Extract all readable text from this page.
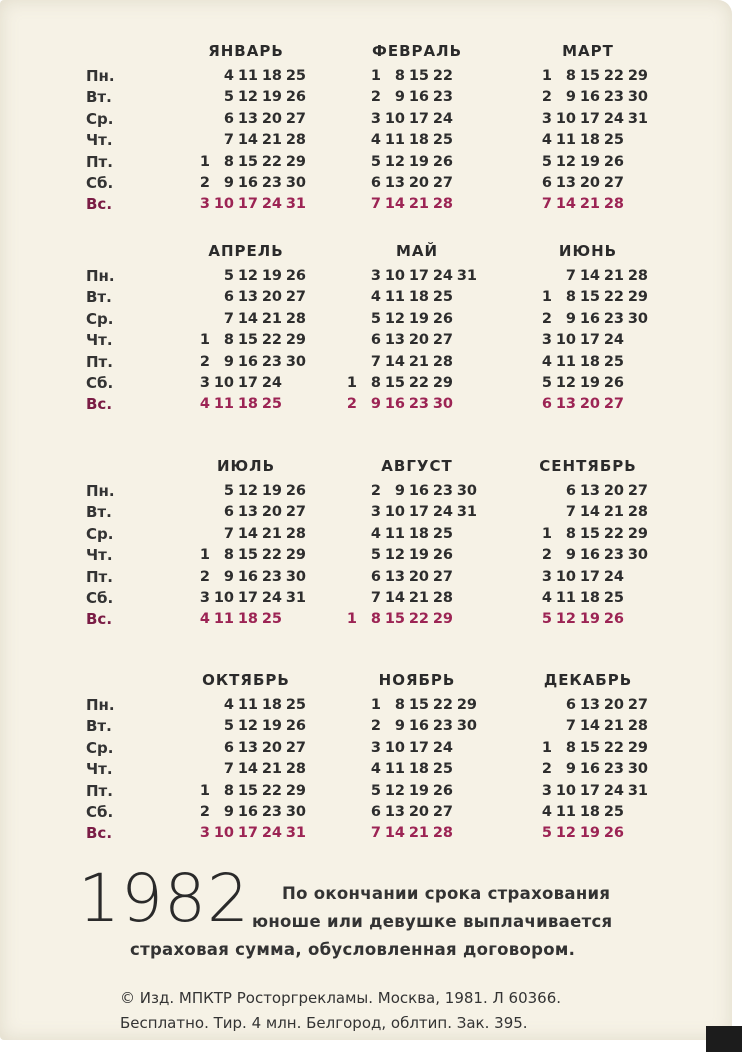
Пн.
Вт.
Ср.
Чт.
Пт.
Сб.
Вс.
ЯНВАРЬ
4 11 18 25
5 12 19 26
6 13 20 27
7 14 21 28
1 8 15 22 29
2 9 16 23 30
3 10 17 24 31
ФЕВРАЛЬ
1 8 15 22
2 9 16 23
3 10 17 24
4 11 18 25
5 12 19 26
6 13 20 27
7 14 21 28
МАРТ
1 8 15 22 29
2 9 16 23 30
3 10 17 24 31
4 11 18 25
5 12 19 26
6 13 20 27
7 14 21 28
Пн.
Вт.
Ср.
Чт.
Пт.
Сб.
Вс.
АПРЕЛЬ
5 12 19 26
6 13 20 27
7 14 21 28
1 8 15 22 29
2 9 16 23 30
3 10 17 24
4 11 18 25
МАЙ
3 10 17 24 31
4 11 18 25
5 12 19 26
6 13 20 27
7 14 21 28
1 8 15 22 29
2 9 16 23 30
ИЮНЬ
7 14 21 28
1 8 15 22 29
2 9 16 23 30
3 10 17 24
4 11 18 25
5 12 19 26
6 13 20 27
Пн.
Вт.
Ср.
Чт.
Пт.
Сб.
Вс.
ИЮЛЬ
5 12 19 26
6 13 20 27
7 14 21 28
1 8 15 22 29
2 9 16 23 30
3 10 17 24 31
4 11 18 25
АВГУСТ
2 9 16 23 30
3 10 17 24 31
4 11 18 25
5 12 19 26
6 13 20 27
7 14 21 28
1 8 15 22 29
СЕНТЯБРЬ
6 13 20 27
7 14 21 28
1 8 15 22 29
2 9 16 23 30
3 10 17 24
4 11 18 25
5 12 19 26
Пн.
Вт.
Ср.
Чт.
Пт.
Сб.
Вс.
ОКТЯБРЬ
4 11 18 25
5 12 19 26
6 13 20 27
7 14 21 28
1 8 15 22 29
2 9 16 23 30
3 10 17 24 31
НОЯБРЬ
1 8 15 22 29
2 9 16 23 30
3 10 17 24
4 11 18 25
5 12 19 26
6 13 20 27
7 14 21 28
ДЕКАБРЬ
6 13 20 27
7 14 21 28
1 8 15 22 29
2 9 16 23 30
3 10 17 24 31
4 11 18 25
5 12 19 26
1982 По окончании срока страхования
юноше или девушке выплачивается
страховая сумма, обусловленная договором.
© Изд. МПКТР Росторгрекламы. Москва, 1981. Л 60366.
Бесплатно. Тир. 4 млн. Белгород, облтип. Зак. 395.
